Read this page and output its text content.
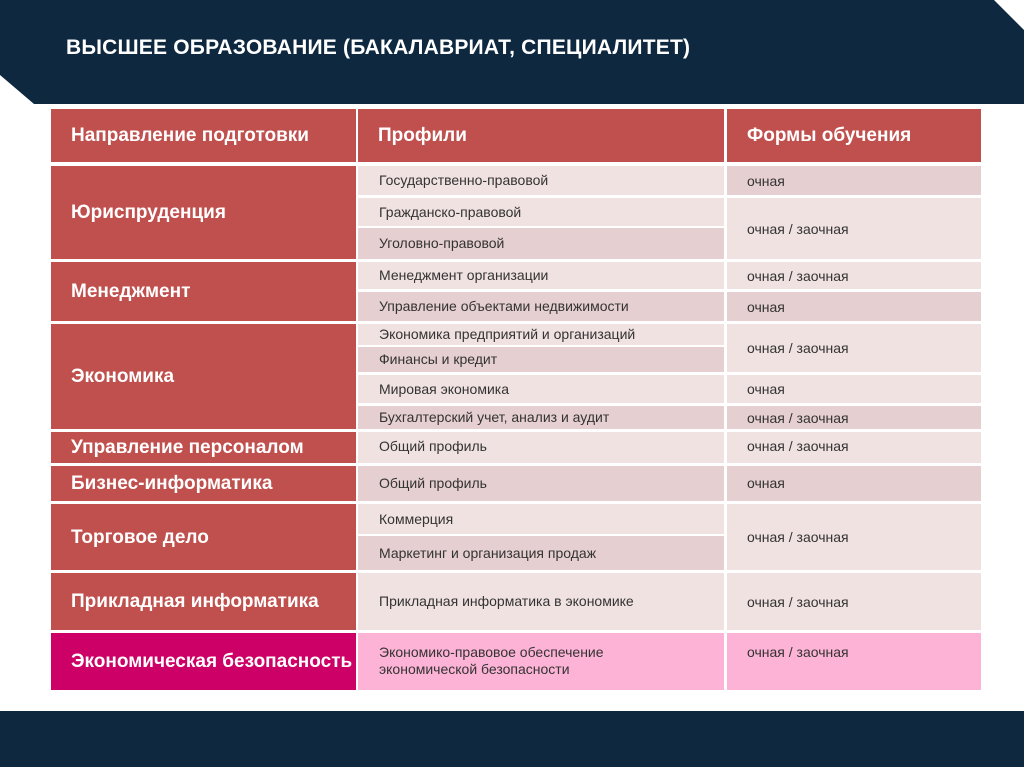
ВЫСШЕЕ ОБРАЗОВАНИЕ (БАКАЛАВРИАТ, СПЕЦИАЛИТЕТ)
Направление подготовки	Профили	Формы обучения
Юриспруденция
Менеджмент
Экономика
Управление персоналом
Бизнес-информатика
Торговое дело
Прикладная информатика
Экономическая безопасность
Государственно-правовой
Гражданско-правовой
Уголовно-правовой
Менеджмент организации
Управление объектами недвижимости
Экономика предприятий и организаций
Финансы и кредит
Мировая экономика
Бухгалтерский учет, анализ и аудит
Общий профиль
Общий профиль
Коммерция
Маркетинг и организация продаж
Прикладная информатика в экономике
Экономико-правовое обеспечение экономической безопасности
очная
очная / заочная
очная / заочная
очная
очная / заочная
очная
очная / заочная
очная / заочная
очная
очная / заочная
очная / заочная
очная / заочная
